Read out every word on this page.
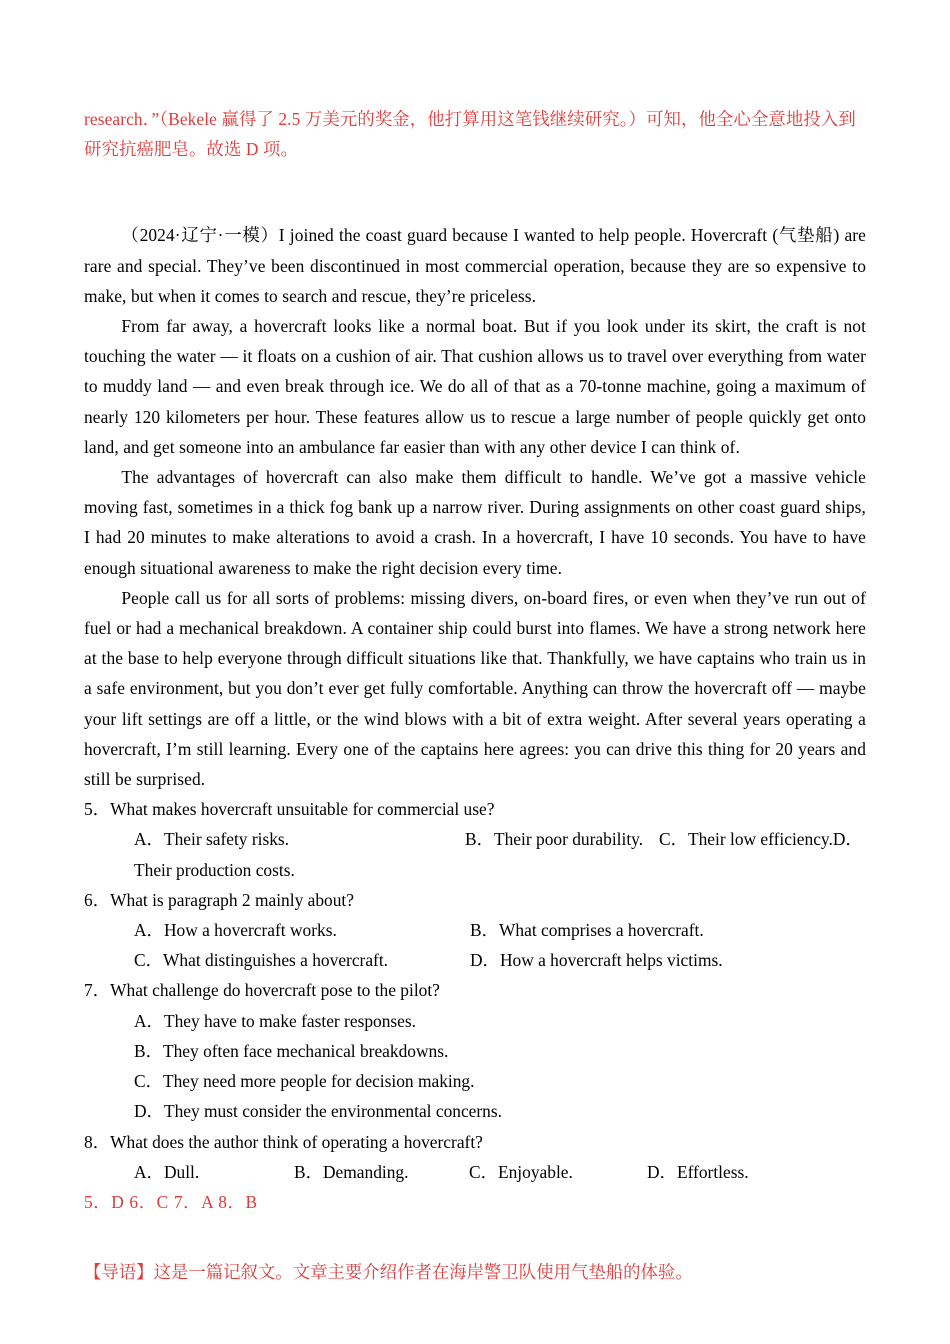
research．”（Bekele 赢得了 2.5 万美元的奖金，他打算用这笔钱继续研究。）可知，他全心全意地投入到

研究抗癌肥皂。故选 D 项。

（2024·辽宁·一模）I joined the coast guard because I wanted to help people. Hovercraft (气垫船) are rare and special. They’ve been discontinued in most commercial operation, because they are so expensive to make, but when it comes to search and rescue, they’re priceless.

From far away, a hovercraft looks like a normal boat. But if you look under its skirt, the craft is not touching the water — it floats on a cushion of air. That cushion allows us to travel over everything from water to muddy land — and even break through ice. We do all of that as a 70-tonne machine, going a maximum of nearly 120 kilometers per hour. These features allow us to rescue a large number of people quickly get onto land, and get someone into an ambulance far easier than with any other device I can think of.

The advantages of hovercraft can also make them difficult to handle. We’ve got a massive vehicle moving fast, sometimes in a thick fog bank up a narrow river. During assignments on other coast guard ships, I had 20 minutes to make alterations to avoid a crash. In a hovercraft, I have 10 seconds. You have to have enough situational awareness to make the right decision every time.

People call us for all sorts of problems: missing divers, on-board fires, or even when they’ve run out of fuel or had a mechanical breakdown. A container ship could burst into flames. We have a strong network here at the base to help everyone through difficult situations like that. Thankfully, we have captains who train us in a safe environment, but you don’t ever get fully comfortable. Anything can throw the hovercraft off — maybe your lift settings are off a little, or the wind blows with a bit of extra weight. After several years operating a hovercraft, I’m still learning. Every one of the captains here agrees: you can drive this thing for 20 years and still be surprised.

5．What makes hovercraft unsuitable for commercial use?
A．Their safety risks.	B．Their poor durability. C．Their low efficiency.D．Their production costs.
6．What is paragraph 2 mainly about?
A．How a hovercraft works.	B．What comprises a hovercraft.
C．What distinguishes a hovercraft.	D．How a hovercraft helps victims.
7．What challenge do hovercraft pose to the pilot?
A．They have to make faster responses.
B．They often face mechanical breakdowns.
C．They need more people for decision making.
D．They must consider the environmental concerns.
8．What does the author think of operating a hovercraft?
A．Dull.	B．Demanding.	C．Enjoyable.	D．Effortless.

5．D 6．C 7．A 8．B

【导语】这是一篇记叙文。文章主要介绍作者在海岸警卫队使用气垫船的体验。
